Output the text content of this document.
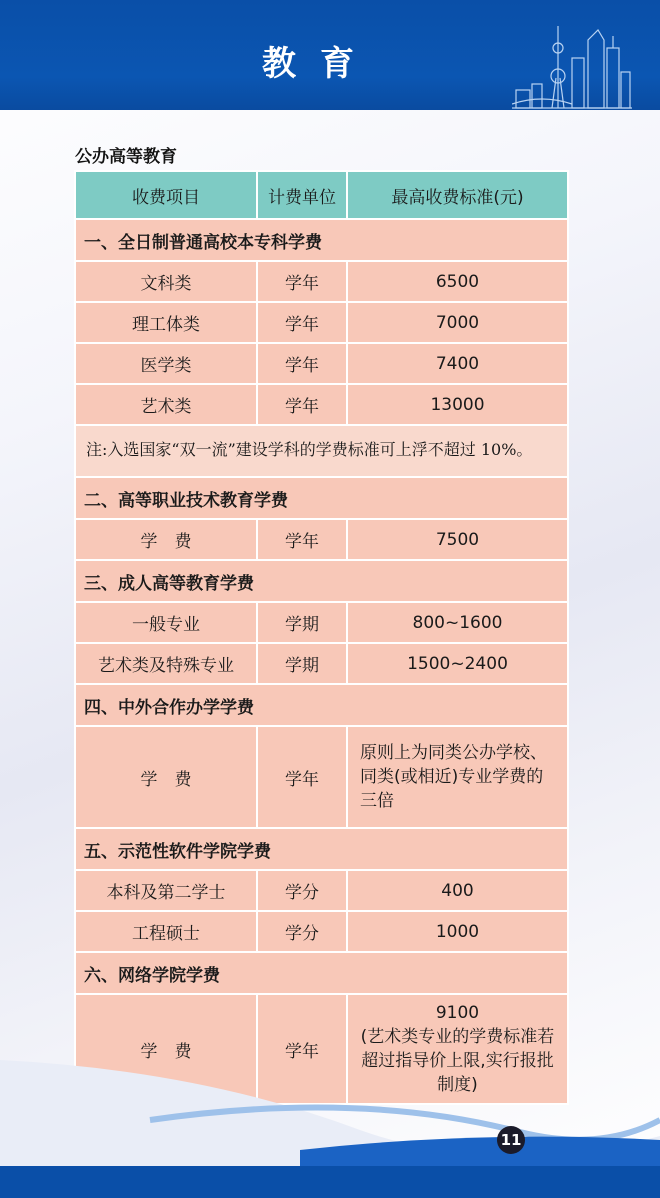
教育
公办高等教育
收费项目	计费单位	最高收费标准(元)
一、全日制普通高校本专科学费		
文科类	学年	6500
理工体类	学年	7000
医学类	学年	7400
艺术类	学年	13000
注:入选国家“双一流”建设学科的学费标准可上浮不超过 10%。		
二、高等职业技术教育学费		
学　费	学年	7500
三、成人高等教育学费		
一般专业	学期	800~1600
艺术类及特殊专业	学期	1500~2400
四、中外合作办学学费		
学　费	学年	原则上为同类公办学校、同类(或相近)专业学费的三倍
五、示范性软件学院学费		
本科及第二学士	学分	400
工程硕士	学分	1000
六、网络学院学费		
学　费	学年	9100
(艺术类专业的学费标准若超过指导价上限,实行报批制度)
11
